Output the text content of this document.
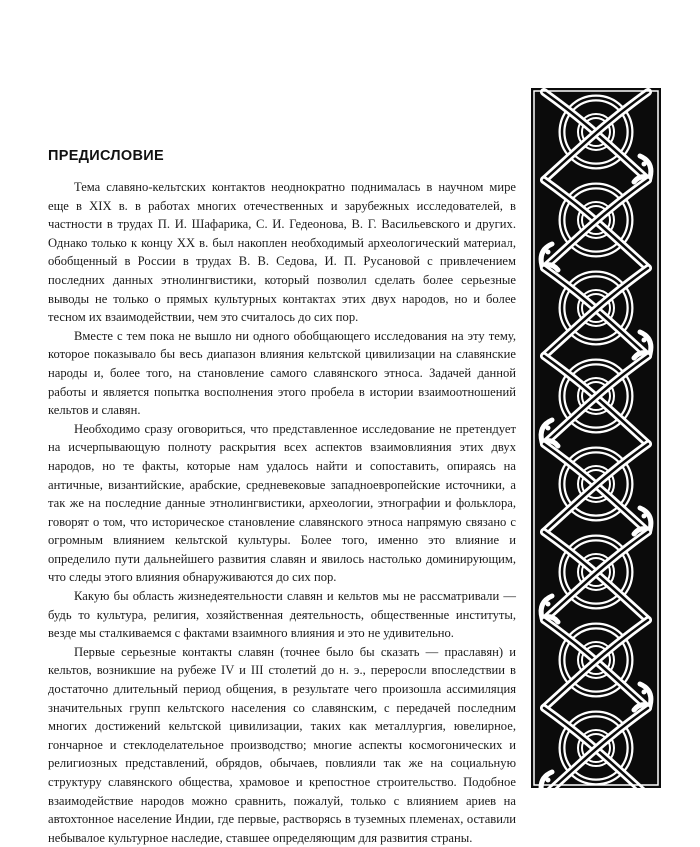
ПРЕДИСЛОВИЕ

Тема славяно-кельтских контактов неоднократно поднималась в научном мире еще в XIX в. в работах многих отечественных и зарубежных исследователей, в частности в трудах П. И. Шафарика, С. И. Гедеонова, В. Г. Васильевского и других. Однако только к концу XX в. был накоплен необходимый археологический материал, обобщенный в России в трудах В. В. Седова, И. П. Русановой с привлечением последних данных этнолингвистики, который позволил сделать более серьезные выводы не только о прямых культурных контактах этих двух народов, но и более тесном их взаимодействии, чем это считалось до сих пор.

Вместе с тем пока не вышло ни одного обобщающего исследования на эту тему, которое показывало бы весь диапазон влияния кельтской цивилизации на славянские народы и, более того, на становление самого славянского этноса. Задачей данной работы и является попытка восполнения этого пробела в истории взаимоотношений кельтов и славян.

Необходимо сразу оговориться, что представленное исследование не претендует на исчерпывающую полноту раскрытия всех аспектов взаимовлияния этих двух народов, но те факты, которые нам удалось найти и сопоставить, опираясь на античные, византийские, арабские, средневековые западноевропейские источники, а так же на последние данные этнолингвистики, археологии, этнографии и фольклора, говорят о том, что историческое становление славянского этноса напрямую связано с огромным влиянием кельтской культуры. Более того, именно это влияние и определило пути дальнейшего развития славян и явилось настолько доминирующим, что следы этого влияния обнаруживаются до сих пор.

Какую бы область жизнедеятельности славян и кельтов мы не рассматривали — будь то культура, религия, хозяйственная деятельность, общественные институты, везде мы сталкиваемся с фактами взаимного влияния и это не удивительно.

Первые серьезные контакты славян (точнее было бы сказать — праславян) и кельтов, возникшие на рубеже IV и III столетий до н. э., переросли впоследствии в достаточно длительный период общения, в результате чего произошла ассимиляция значительных групп кельтского населения со славянским, с передачей последним многих достижений кельтской цивилизации, таких как металлургия, ювелирное, гончарное и стеклоделательное производство; многие аспекты космогонических и религиозных представлений, обрядов, обычаев, повлияли так же на социальную структуру славянского общества, храмовое и крепостное строительство. Подобное взаимодействие народов можно сравнить, пожалуй, только с влиянием ариев на автохтонное население Индии, где первые, растворясь в туземных племенах, оставили небывалое культурное наследие, ставшее определяющим для развития страны.
